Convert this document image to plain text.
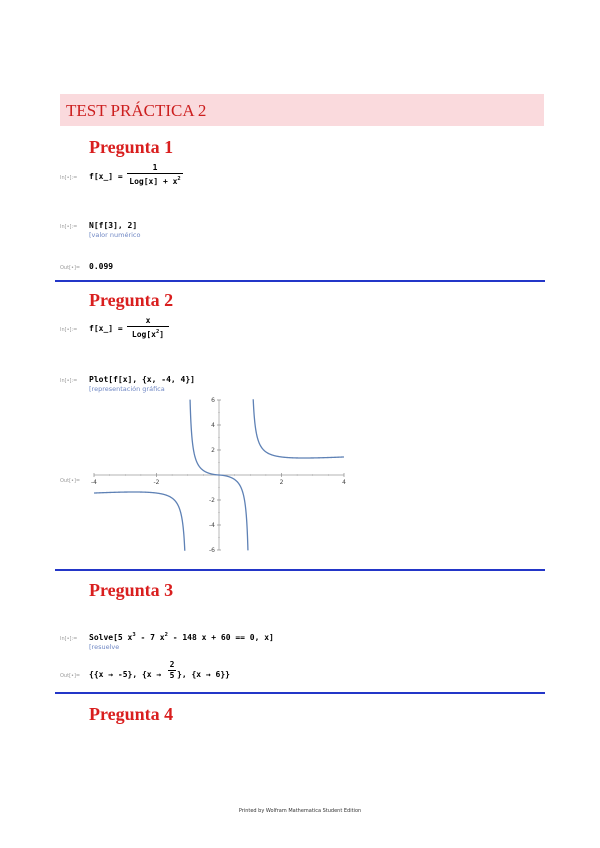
TEST PRÁCTICA 2
Pregunta 1
In[•]:= f[x_] =
1
$Log[x] + x^2$
In[•]:= N[f[3], 2]
[valor numérico
Out[•]= 0.099
Pregunta 2
In[•]:= f[x_] =
x
$Log[x^2]$
In[•]:= Plot[f[x], {x, -4, 4}]
[representación gráfica
Out[•]= -4	-2	2	4
6
4
2
-2
-4
-6
Pregunta 3
In[•]:= Solve[5 $x^3 - 7$ $x^2 - 148$ x + 60 == 0, x]
[resuelve
Out[•]= {{x → -5}, {x →
2
5 }, {x → 6}}
Pregunta 4
Printed by Wolfram Mathematica Student Edition
